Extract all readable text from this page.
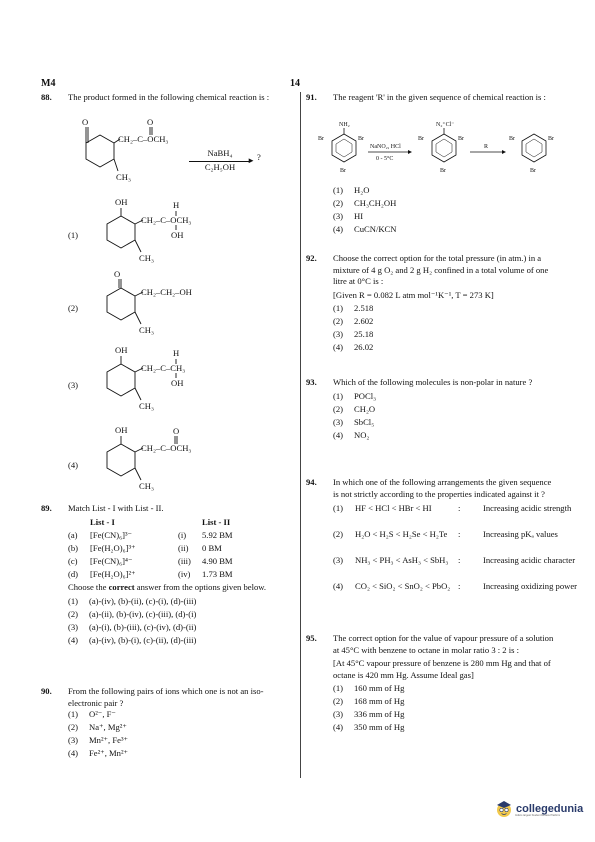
M4	14
88. The product formed in the following chemical reaction is :
O
CH₂–C–OCH₃
O
CH₃
NaBH₄
►
C₂H₅OH
?
(1)
OH	H
CH₂–C–OCH₃
OH
CH₃
(2)
O
CH₂–CH₂–OH
CH₃
(3)
OH	H
CH₂–C–CH₃
OH
CH₃
(4)
OH	O
CH₂–C–OCH₃
CH₃
89. Match List - I with List - II.
	List - I		List - II
(a)	[Fe(CN)₆]³⁻	(i)	5.92 BM
(b)	[Fe(H₂O)₆]³⁺	(ii)	0 BM
(c)	[Fe(CN)₆]⁴⁻	(iii)	4.90 BM
(d)	[Fe(H₂O)₆]²⁺	(iv)	1.73 BM
Choose the correct answer from the options given below.
(1) (a)-(iv), (b)-(ii), (c)-(i), (d)-(iii)
(2) (a)-(ii), (b)-(iv), (c)-(iii), (d)-(i)
(3) (a)-(i), (b)-(iii), (c)-(iv), (d)-(ii)
(4) (a)-(iv), (b)-(i), (c)-(ii), (d)-(iii)
90. From the following pairs of ions which one is not an iso-electronic pair ?
(1) O²⁻, F⁻
(2) Na⁺, Mg²⁺
(3) Mn²⁺, Fe³⁺
(4) Fe²⁺, Mn²⁺
91. The reagent 'R' in the given sequence of chemical reaction is :
NH₂
Br	Br
Br
NaNO₂, HCl
0 - 5°C
N₂⁺Cl⁻
Br	Br
Br
R
Br	Br
Br
(1) H₂O
(2) CH₃CH₂OH
(3) HI
(4) CuCN/KCN
92. Choose the correct option for the total pressure (in atm.) in a mixture of 4 g O₂ and 2 g H₂ confined in a total volume of one litre at 0°C is :
[Given R = 0.082 L atm mol⁻¹K⁻¹, T = 273 K]
(1) 2.518
(2) 2.602
(3) 25.18
(4) 26.02
93. Which of the following molecules is non-polar in nature ?
(1) POCl₃
(2) CH₂O
(3) SbCl₅
(4) NO₂
94. In which one of the following arrangements the given sequence is not strictly according to the properties indicated against it ?
(1) HF < HCl < HBr < HI	:	Increasing acidic strength
(2) H₂O < H₂S < H₂Se < H₂Te	:	Increasing pKₐ values
(3) NH₃ < PH₃ < AsH₃ < SbH₃	:	Increasing acidic character
(4) CO₂ < SiO₂ < SnO₂ < PbO₂ :	Increasing oxidizing power
95. The correct option for the value of vapour pressure of a solution at 45°C with benzene to octane in molar ratio 3 : 2 is :
[At 45°C vapour pressure of benzene is 280 mm Hg and that of octane is 420 mm Hg. Assume Ideal gas]
(1) 160 mm of Hg
(2) 168 mm of Hg
(3) 336 mm of Hg
(4) 350 mm of Hg
collegedunia
India's largest Student Review Platform
